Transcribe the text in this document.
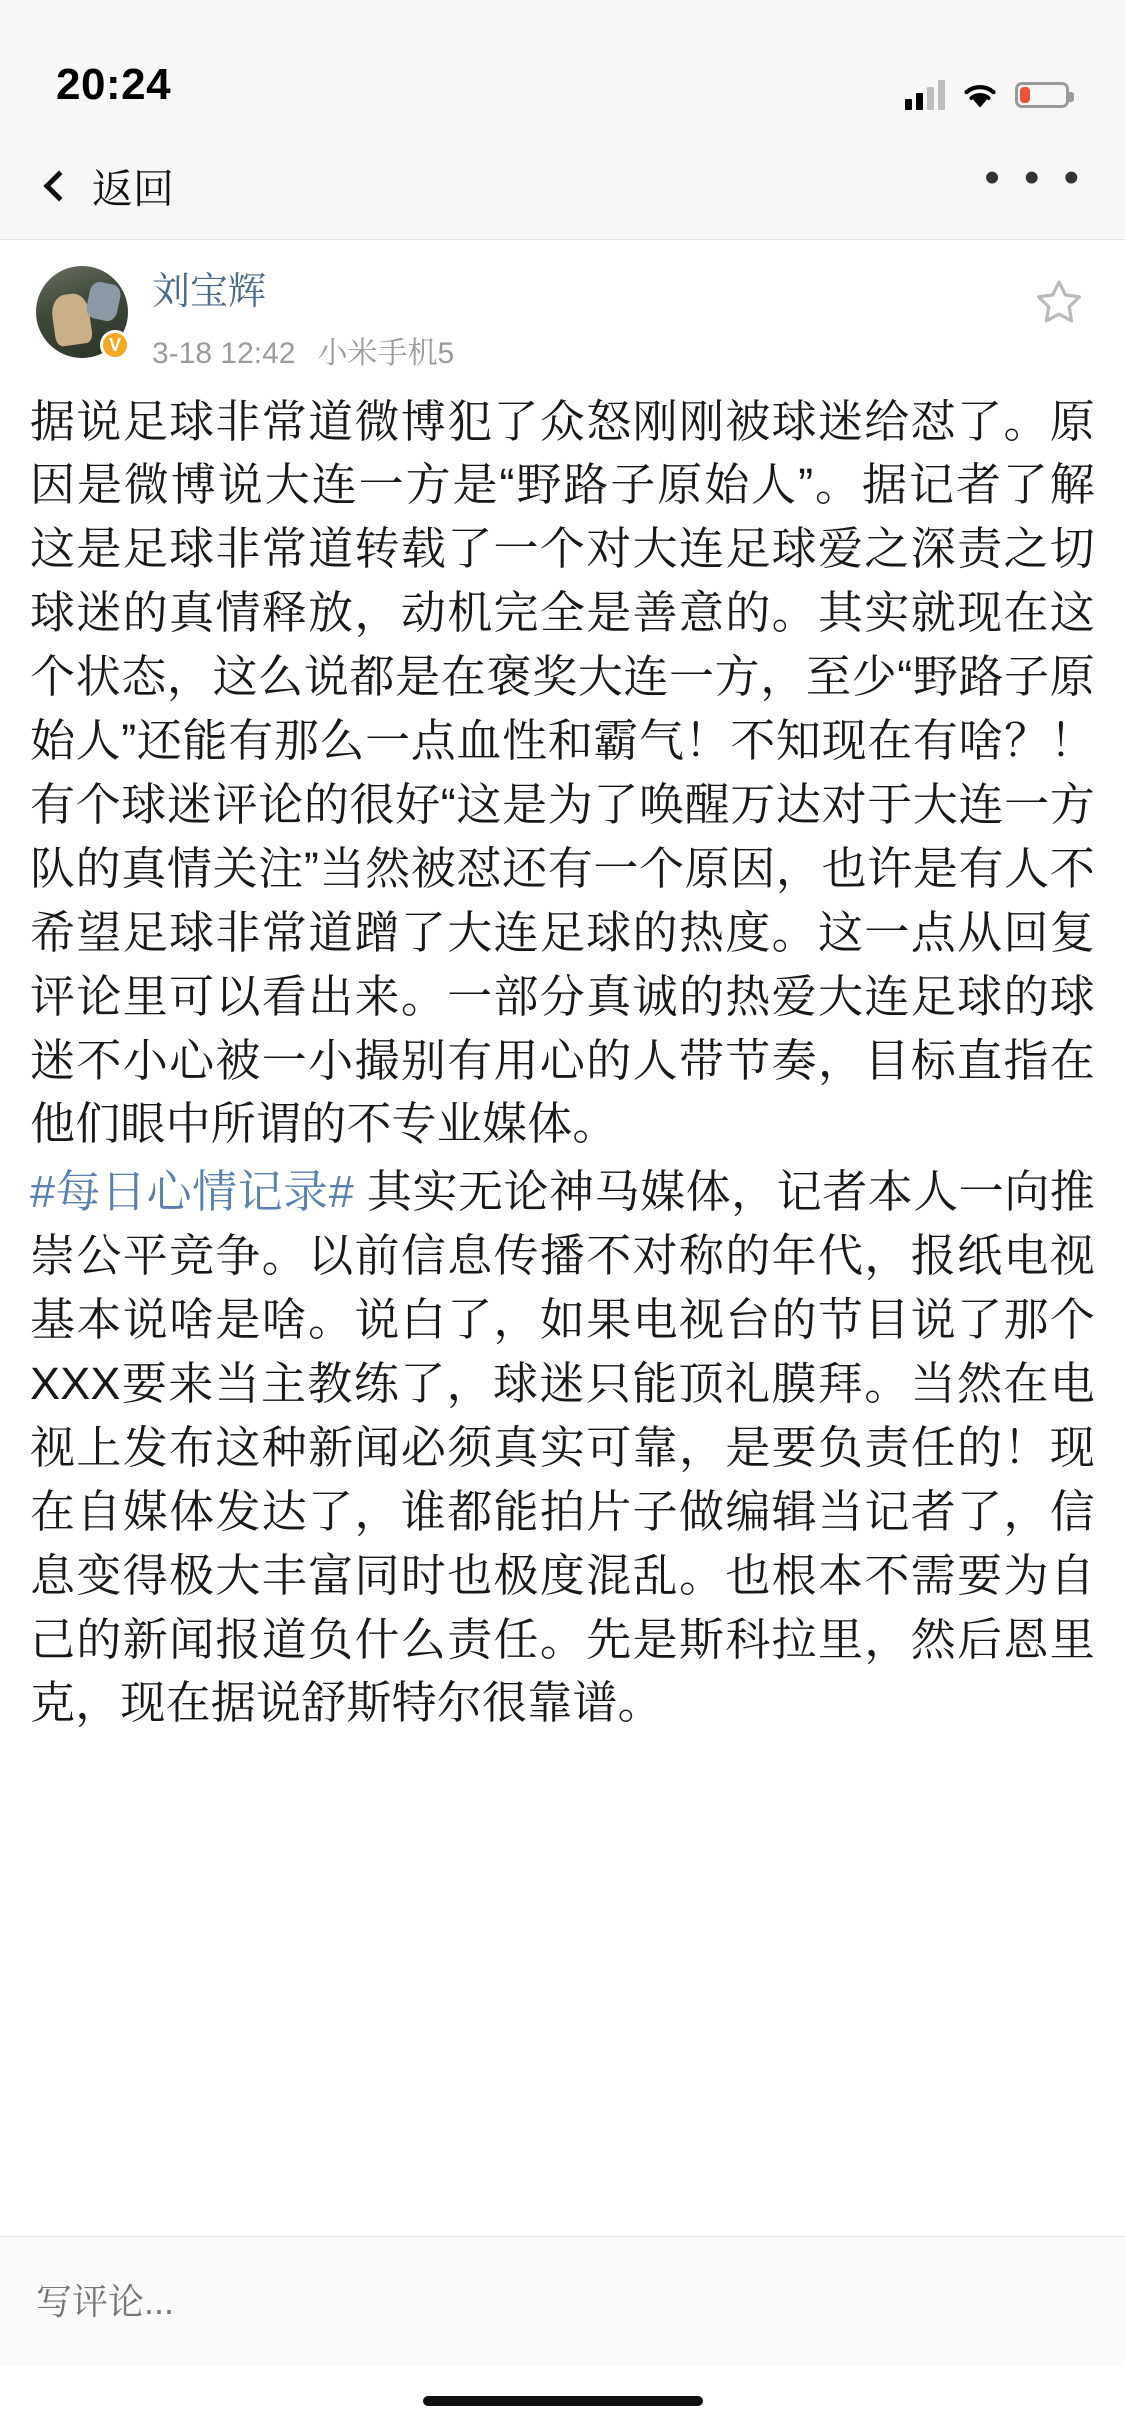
20:24
返回	• • •
V
刘宝辉
3-18 12:42 小米手机5

据说足球非常道微博犯了众怒刚刚被球迷给怼了。原因是微博说大连一方是“野路子原始人”。据记者了解这是足球非常道转载了一个对大连足球爱之深责之切球迷的真情释放，动机完全是善意的。其实就现在这个状态，这么说都是在褒奖大连一方，至少“野路子原始人”还能有那么一点血性和霸气！不知现在有啥？！有个球迷评论的很好“这是为了唤醒万达对于大连一方队的真情关注”当然被怼还有一个原因，也许是有人不希望足球非常道蹭了大连足球的热度。这一点从回复评论里可以看出来。一部分真诚的热爱大连足球的球迷不小心被一小撮别有用心的人带节奏，目标直指在他们眼中所谓的不专业媒体。

#每日心情记录# 其实无论神马媒体，记者本人一向推崇公平竞争。以前信息传播不对称的年代，报纸电视基本说啥是啥。说白了，如果电视台的节目说了那个XXX要来当主教练了，球迷只能顶礼膜拜。当然在电视上发布这种新闻必须真实可靠，是要负责任的！现在自媒体发达了，谁都能拍片子做编辑当记者了，信息变得极大丰富同时也极度混乱。也根本不需要为自己的新闻报道负什么责任。先是斯科拉里，然后恩里克，现在据说舒斯特尔很靠谱。

写评论...
